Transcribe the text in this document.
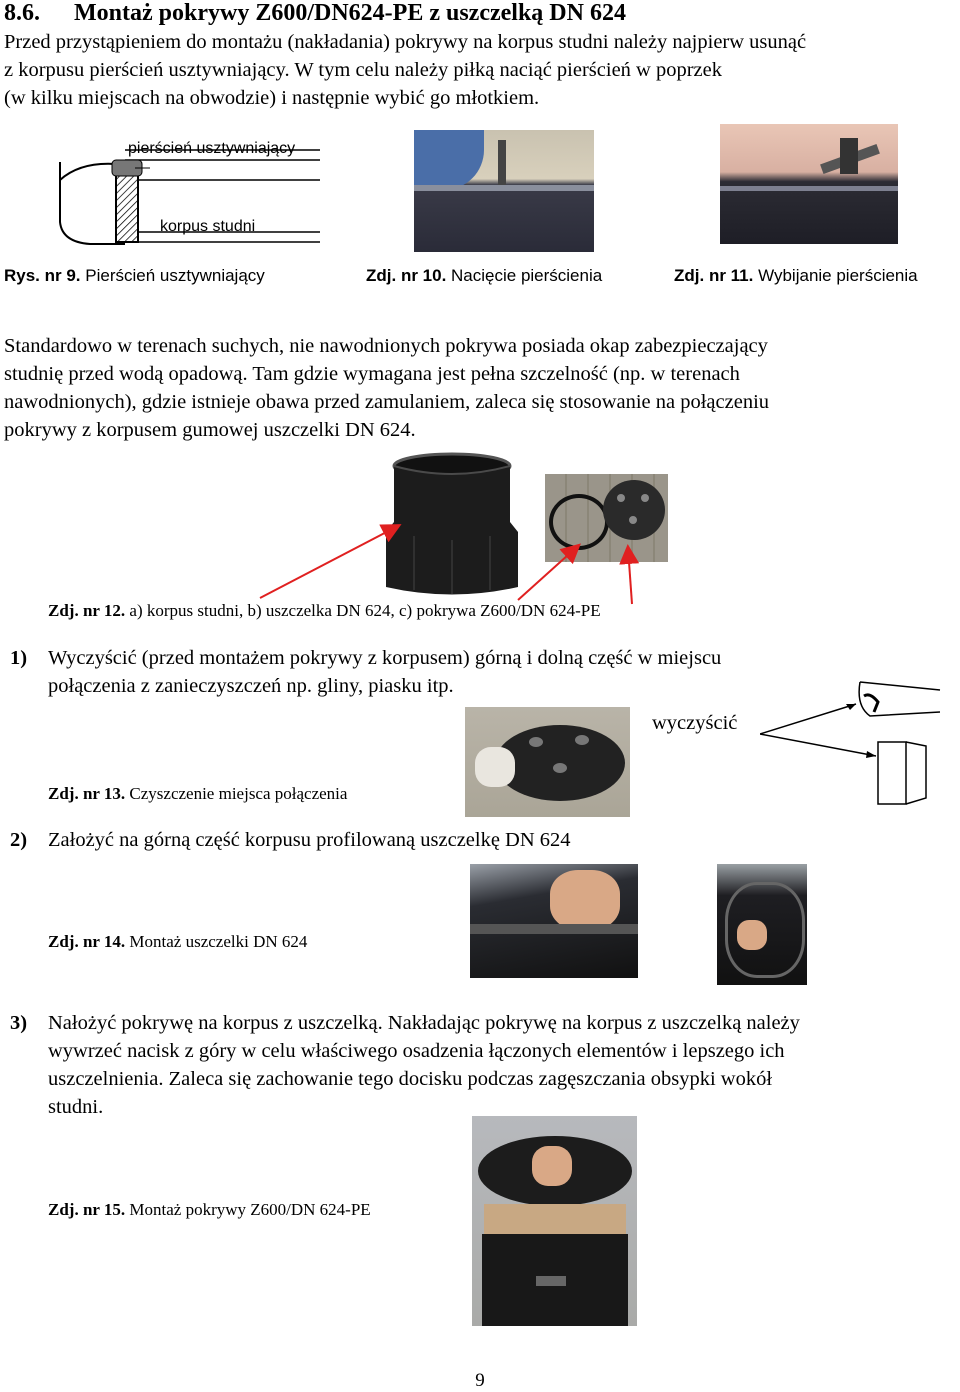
8.6. Montaż pokrywy Z600/DN624-PE z uszczelką DN 624
Przed przystąpieniem do montażu (nakładania) pokrywy na korpus studni należy najpierw usunąć
z korpusu pierścień usztywniający. W tym celu należy piłką naciąć pierścień w poprzek
(w kilku miejscach na obwodzie) i następnie wybić go młotkiem.
pierścień usztywniający
korpus studni
Rys. nr 9. Pierścień usztywniający	Zdj. nr 10. Nacięcie pierścienia	Zdj. nr 11. Wybijanie pierścienia
Standardowo w terenach suchych, nie nawodnionych pokrywa posiada okap zabezpieczający
studnię przed wodą opadową. Tam gdzie wymagana jest pełna szczelność (np. w terenach
nawodnionych), gdzie istnieje obawa przed zamulaniem, zaleca się stosowanie na połączeniu
pokrywy z korpusem gumowej uszczelki DN 624.
Zdj. nr 12. a) korpus studni, b) uszczelka DN 624, c) pokrywa Z600/DN 624-PE
1) Wyczyścić (przed montażem pokrywy z korpusem) górną i dolną część w miejscu
połączenia z zanieczyszczeń np. gliny, piasku itp.
wyczyścić
Zdj. nr 13. Czyszczenie miejsca połączenia
2) Założyć na górną część korpusu profilowaną uszczelkę DN 624
Zdj. nr 14. Montaż uszczelki DN 624
3) Nałożyć pokrywę na korpus z uszczelką. Nakładając pokrywę na korpus z uszczelką należy
wywrzeć nacisk z góry w celu właściwego osadzenia łączonych elementów i lepszego ich
uszczelnienia. Zaleca się zachowanie tego docisku podczas zagęszczania obsypki wokół
studni.
Zdj. nr 15. Montaż pokrywy Z600/DN 624-PE
9
